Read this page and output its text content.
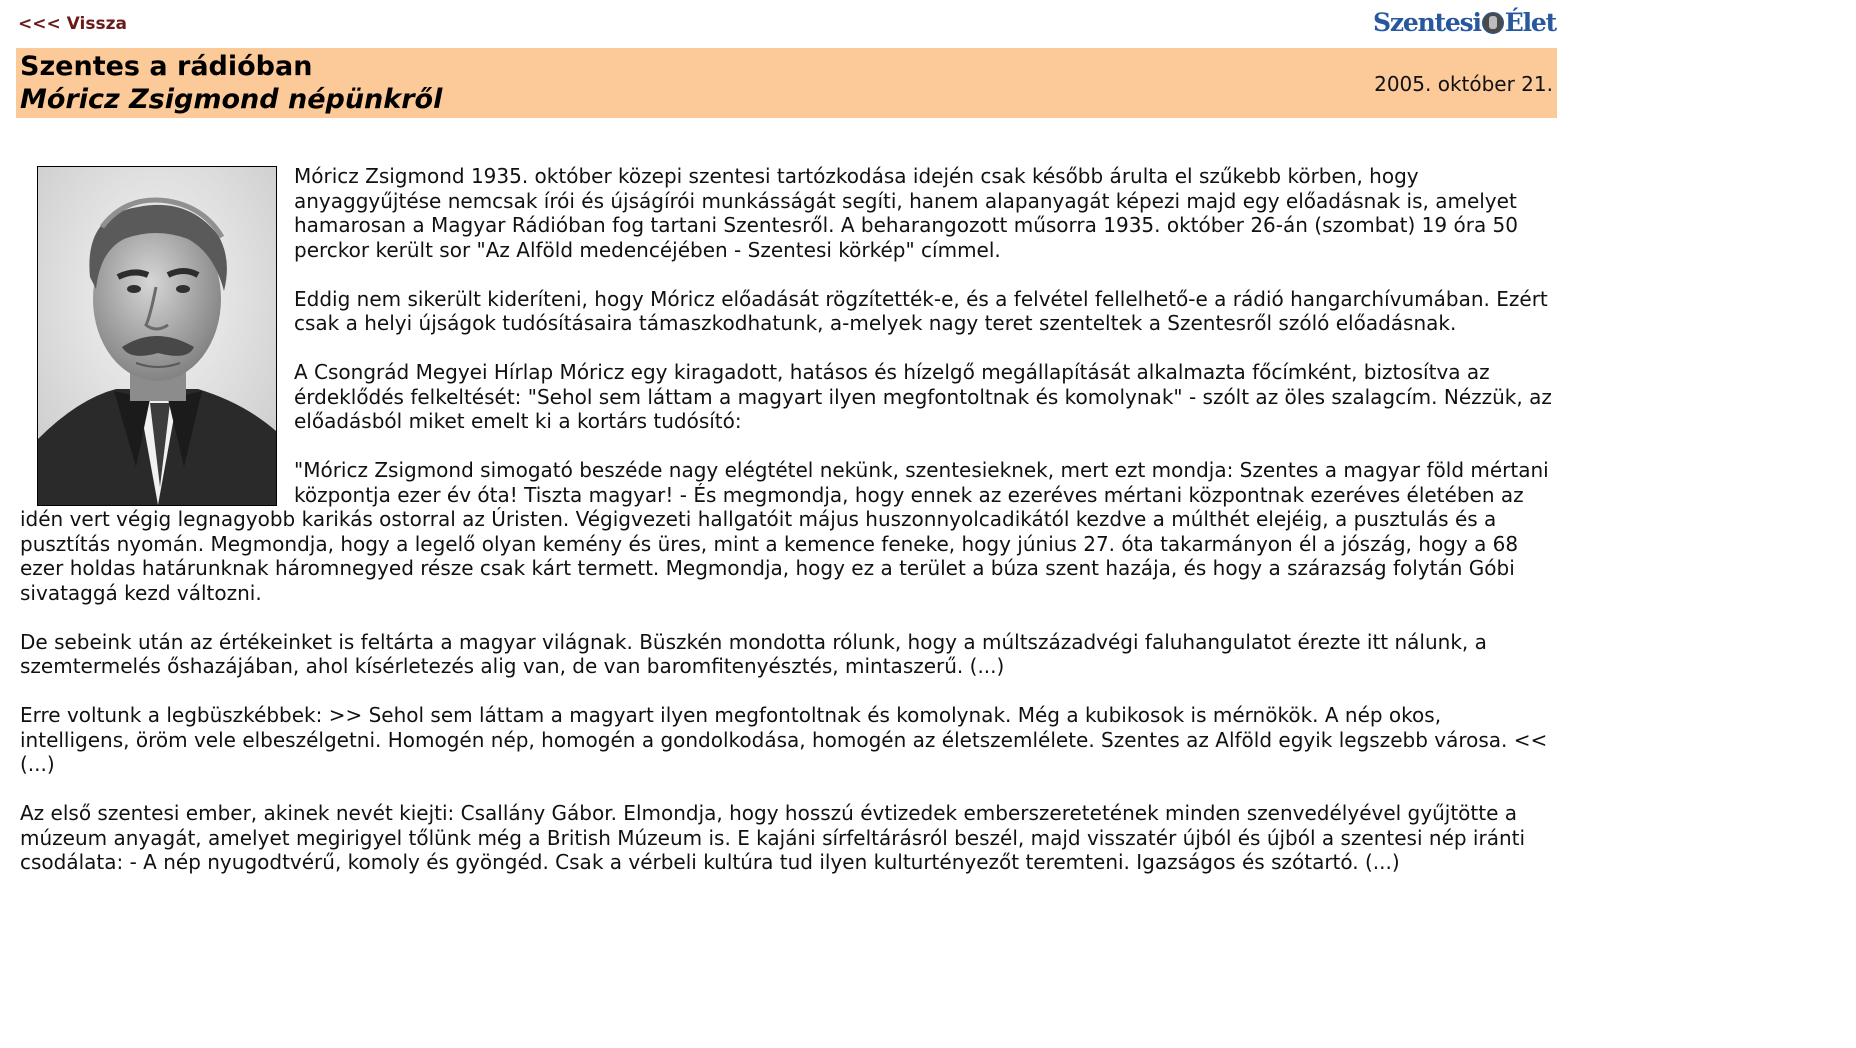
<<< Vissza	Szentesi Élet
Szentes a rádióban
Móricz Zsigmond népünkről	2005. október 21.

Móricz Zsigmond 1935. október közepi szentesi tartózkodása idején csak később árulta el szűkebb körben, hogy anyaggyűjtése nemcsak írói és újságírói munkásságát segíti, hanem alapanyagát képezi majd egy előadásnak is, amelyet hamarosan a Magyar Rádióban fog tartani Szentesről. A beharangozott műsorra 1935. október 26-án (szombat) 19 óra 50 perckor került sor "Az Alföld medencéjében - Szentesi körkép" címmel.

Eddig nem sikerült kideríteni, hogy Móricz előadását rögzítették-e, és a felvétel fellelhető-e a rádió hangarchívumában. Ezért csak a helyi újságok tudósításaira támaszkodhatunk, a-melyek nagy teret szenteltek a Szentesről szóló előadásnak.

A Csongrád Megyei Hírlap Móricz egy kiragadott, hatásos és hízelgő megállapítását alkalmazta főcímként, biztosítva az érdeklődés felkeltését: "Sehol sem láttam a magyart ilyen megfontoltnak és komolynak" - szólt az öles szalagcím. Nézzük, az előadásból miket emelt ki a kortárs tudósító:

"Móricz Zsigmond simogató beszéde nagy elégtétel nekünk, szentesieknek, mert ezt mondja: Szentes a magyar föld mértani központja ezer év óta! Tiszta magyar! - És megmondja, hogy ennek az ezeréves mértani központnak ezeréves életében az idén vert végig legnagyobb karikás ostorral az Úristen. Végigvezeti hallgatóit május huszonnyolcadikától kezdve a múlthét elejéig, a pusztulás és a pusztítás nyomán. Megmondja, hogy a legelő olyan kemény és üres, mint a kemence feneke, hogy június 27. óta takarmányon él a jószág, hogy a 68 ezer holdas határunknak háromnegyed része csak kárt termett. Megmondja, hogy ez a terület a búza szent hazája, és hogy a szárazság folytán Góbi sivataggá kezd változni.

De sebeink után az értékeinket is feltárta a magyar világnak. Büszkén mondotta rólunk, hogy a múltszázadvégi faluhangulatot érezte itt nálunk, a szemtermelés őshazájában, ahol kísérletezés alig van, de van baromfitenyésztés, mintaszerű. (...)

Erre voltunk a legbüszkébbek: >> Sehol sem láttam a magyart ilyen megfontoltnak és komolynak. Még a kubikosok is mérnökök. A nép okos, intelligens, öröm vele elbeszélgetni. Homogén nép, homogén a gondolkodása, homogén az életszemlélete. Szentes az Alföld egyik legszebb városa. << (...)

Az első szentesi ember, akinek nevét kiejti: Csallány Gábor. Elmondja, hogy hosszú évtizedek emberszeretetének minden szenvedélyével gyűjtötte a múzeum anyagát, amelyet megirigyel tőlünk még a British Múzeum is. E kajáni sírfeltárásról beszél, majd visszatér újból és újból a szentesi nép iránti csodálata: - A nép nyugodtvérű, komoly és gyöngéd. Csak a vérbeli kultúra tud ilyen kulturtényezőt teremteni. Igazságos és szótartó. (...)
